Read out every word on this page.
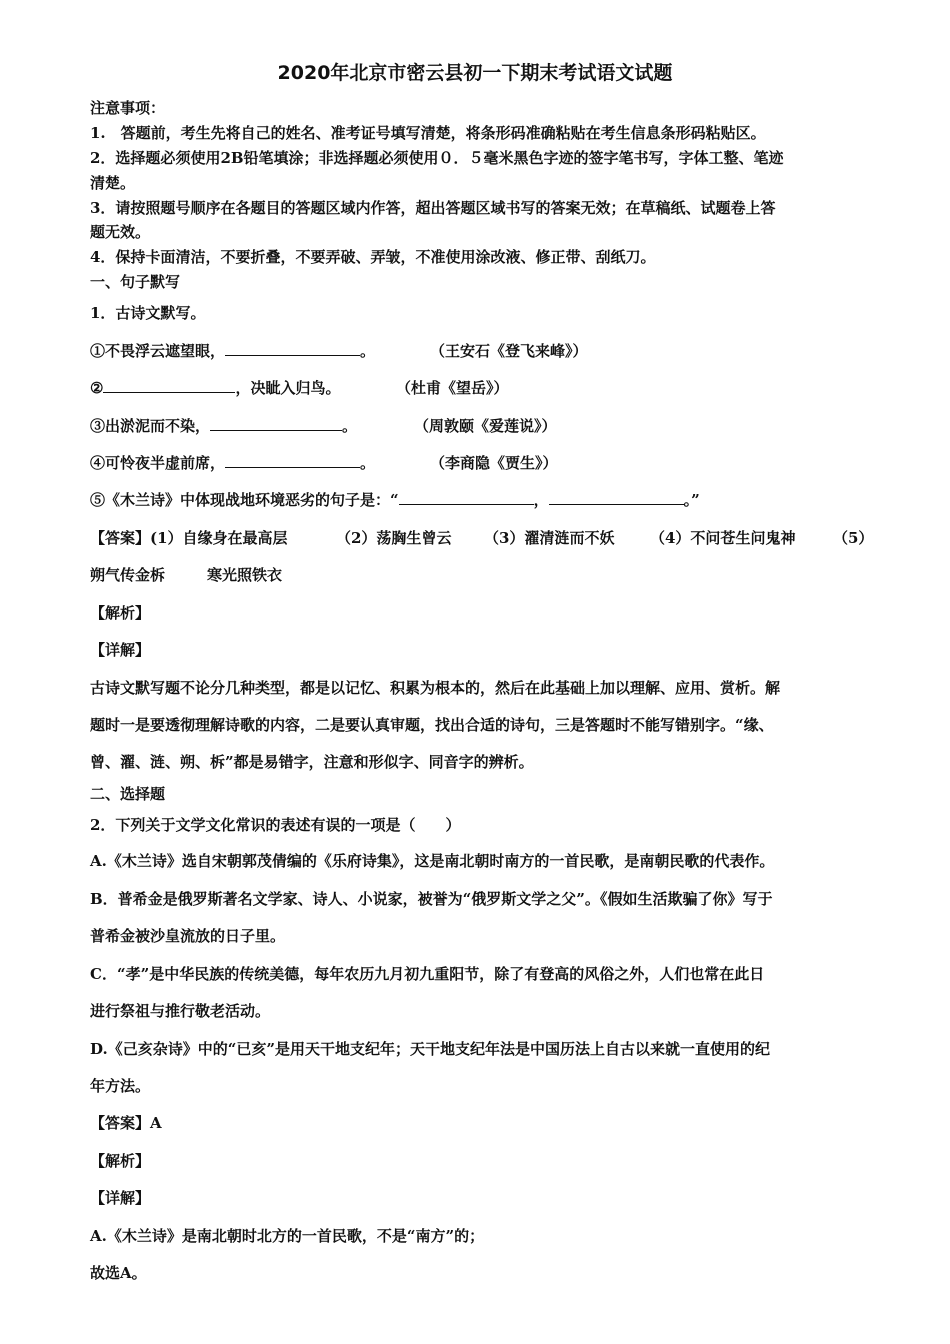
2020年北京市密云县初一下期末考试语文试题
注意事项：
1.　答题前，考生先将自己的姓名、准考证号填写清楚，将条形码准确粘贴在考生信息条形码粘贴区。
2．选择题必须使用2B铅笔填涂；非选择题必须使用０．５毫米黑色字迹的签字笔书写，字体工整、笔迹
清楚。
3．请按照题号顺序在各题目的答题区域内作答，超出答题区域书写的答案无效；在草稿纸、试题卷上答
题无效。
4．保持卡面清洁，不要折叠，不要弄破、弄皱，不准使用涂改液、修正带、刮纸刀。
一、句子默写
1．古诗文默写。
①不畏浮云遮望眼，	。	（王安石《登飞来峰》）
②	，决眦入归鸟。	（杜甫《望岳》）
③出淤泥而不染，	。	（周敦颐《爱莲说》）
④可怜夜半虚前席，	。	（李商隐《贾生》）
⑤《木兰诗》中体现战地环境恶劣的句子是：“	，	。”
【答案】(1）自缘身在最高层	（2）荡胸生曾云 （3）濯清涟而不妖 （4）不问苍生问鬼神	（5）
朔气传金柝	寒光照铁衣
【解析】
【详解】
古诗文默写题不论分几种类型，都是以记忆、积累为根本的，然后在此基础上加以理解、应用、赏析。解
题时一是要透彻理解诗歌的内容，二是要认真审题，找出合适的诗句，三是答题时不能写错别字。“缘、
曾、濯、涟、朔、柝”都是易错字，注意和形似字、同音字的辨析。
二、选择题
2．下列关于文学文化常识的表述有误的一项是（　　）
A.《木兰诗》选自宋朝郭茂倩编的《乐府诗集》，这是南北朝时南方的一首民歌，是南朝民歌的代表作。
B．普希金是俄罗斯著名文学家、诗人、小说家，被誉为“俄罗斯文学之父”。《假如生活欺骗了你》写于
普希金被沙皇流放的日子里。
C．“孝”是中华民族的传统美德，每年农历九月初九重阳节，除了有登高的风俗之外，人们也常在此日
进行祭祖与推行敬老活动。
D.《己亥杂诗》中的“已亥”是用天干地支纪年；天干地支纪年法是中国历法上自古以来就一直使用的纪
年方法。
【答案】A
【解析】
【详解】
A.《木兰诗》是南北朝时北方的一首民歌，不是“南方”的；
故选A。
